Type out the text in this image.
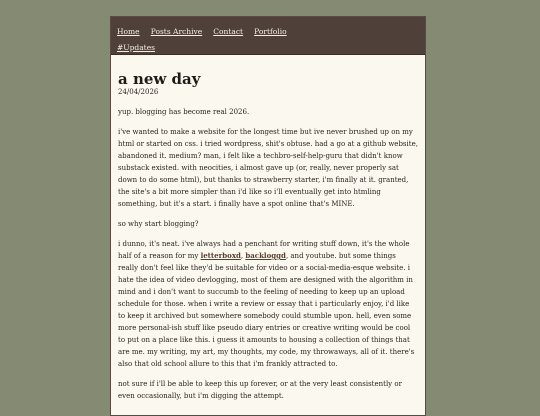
Home Posts Archive Contact Portfolio
#Updates
a new day
24/04/2026

yup. blogging has become real 2026.

i've wanted to make a website for the longest time but ive never brushed up on my html or started on css. i tried wordpress, shit's obtuse. had a go at a github website, abandoned it. medium? man, i felt like a techbro-self-help-guru that didn't know substack existed. with neocities, i almost gave up (or, really, never properly sat down to do some html), but thanks to strawberry starter, i'm finally at it. granted, the site's a bit more simpler than i'd like so i'll eventually get into htmling something, but it's a start. i finally have a spot online that's MINE.

so why start blogging?

i dunno, it's neat. i've always had a penchant for writing stuff down, it's the whole half of a reason for my letterboxd, backloggd, and youtube. but some things really don't feel like they'd be suitable for video or a social-media-esque website. i hate the idea of video devlogging, most of them are designed with the algorithm in mind and i don't want to succumb to the feeling of needing to keep up an upload schedule for those. when i write a review or essay that i particularly enjoy, i'd like to keep it archived but somewhere somebody could stumble upon. hell, even some more personal-ish stuff like pseudo diary entries or creative writing would be cool to put on a place like this. i guess it amounts to housing a collection of things that are me. my writing, my art, my thoughts, my code, my throwaways, all of it. there's also that old school allure to this that i'm frankly attracted to.

not sure if i'll be able to keep this up forever, or at the very least consistently or even occasionally, but i'm digging the attempt.
